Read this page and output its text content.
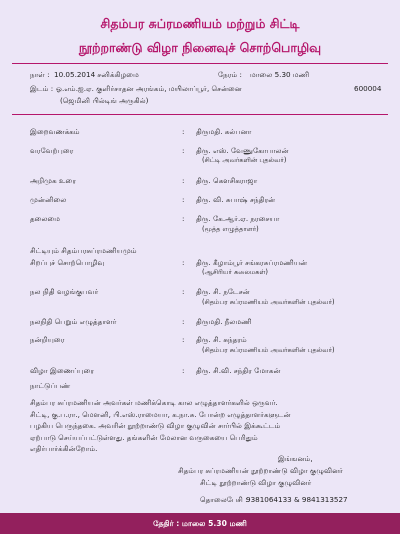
சிதம்பர சுப்ரமணியம் மற்றும் சிட்டி
நூற்றாண்டு விழா நினைவுச் சொற்பொழிவு
நாள் : 10.05.2014 சனிக்கிழமை	நேரம் : மாலை 5.30 மணி
இடம் : ஓ.எம்.ஐ.ஏ. குளிர்சாதன அரங்கம், மயிலாப்பூர், சென்னை	600004
(ஜெமினி பில்டிங் அருகில்)
இறைவணக்கம்	: திருமதி. கல்பனா
வரவேற்புரை	: திரு. எஸ். வேணுகோபாலன்
(சிட்டி அவர்களின் புதல்வர்)
அறிமுக உரை	: திரு. கௌசிகராஜா
முன்னிலை	: திரு. வி. சுபாஷ் சந்திரன்
தலைமை	: திரு. கே.ஆர்.ஏ. நரசையா
(மூத்த எழுத்தாளர்)
சிட்டியும் சிதம்பரசுப்ரமணியமும்
சிறப்புச் சொற்பொழிவு	: திரு. கீழாம்பூர் சங்கரசுப்ரமணியன்
(ஆசிரியர் கலைமகள்)
நல நிதி வழங்குபவர்	: திரு. சி. நடேசன்
(சிதம்பர சுப்ரமணியம் அவர்களின் புதல்வர்)
நலநிதி பெறும் எழுத்தாளர்	: திருமதி. நீலமணி
நன்றியுரை	: திரு. சி. சுந்தரம்
(சிதம்பர சுப்ரமணியம் அவர்களின் புதல்வர்)
விழா இணைப்புரை	: திரு. சி.வி. சந்திர மோகன்
நாட்டுப்பண்
சிதம்பர சுப்ரமணியன் அவர்கள் மணிக்கொடி கால எழுத்தாளர்களில் ஒருவர்.
சிட்டி, கு.ப.ரா., மௌனி, பி.எஸ்.ராமையா, க.நா.சு. போன்ற எழுத்தாளர்களுடன்
பழகிய பெருந்தகை. அவரின் நூற்றாண்டு விழா குழுவின் சார்பில் இக்கூட்டம்
ஏற்பாடு செய்யப்பட்டுள்ளது. தங்களின் மேலான வருகையை பெரிதும்
எதிர்பார்க்கின்றோம்.
இங்ஙனம்,
சிதம்பர சுப்ரமணியன் நூற்றாண்டு விழா குழுவினர்
சிட்டி நூற்றாண்டு விழா குழுவினர்
தொலைபேசி :
9381064133 & 9841313527
தேதிர் : மாலை 5.30 மணி
